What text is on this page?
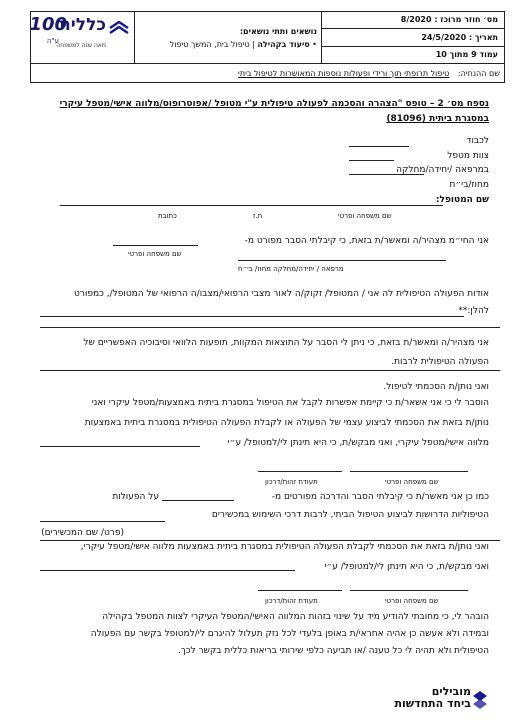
כללית
100
ע"ה
מאה שנה למשפחה

נושאים ותתי נושאים:
• סיעוד בקהילה | טיפול בית, המשך טיפול

מס׳ חוזר מרוכז : 8/2020
תאריך : 24/5/2020
עמוד 9 מתוך 10

שם ההנחיה: טיפול תרופתי תוך ורידי ופעולות נוספות המאושרות לטיפול ביתי
נספח מס׳ 2 – טופס "הצהרה והסכמה לפעולה טיפולית ע"י מטופל /אפוטרופוס/מלווה אישי/מטפל עיקרי
במסגרת ביתית (81096)
לכבוד
צוות מטפל
במרפאה /יחידה/מחלקה
מחוז/בי״ח
שם המטופל:
שם משפחה ופרטי
ת.ז
כתובת
אני החי״מ מצהיר/ה ומאשר/ת בזאת, כי קיבלתי הסבר מפורט מ-
שם משפחה ופרטי
מרפאה / יחידה/מחלקה מחוז/ בי״ח
אודות הפעולה הטיפולית לה אני / המטופל/ זקוק/ה לאור מצבי הרפואי/מצבו/ה הרפואי של המטופל/, כמפורט
להלן:**
אני מצהיר/ה ומאשר/ת בזאת, כי ניתן לי הסבר על התוצאות המקוות, תופעות הלוואי וסיבוכיה האפשריים של
הפעולה הטיפולית לרבות.
ואני נותן/ת הסכמתי לטיפול.
הוסבר לי כי אני אשאר/ת כי קיימת אפשרות לקבל את הטיפול במסגרת ביתית באמצעות/מטפל עיקרי ואני
נותן/ת בזאת את הסכמתי לביצוע עצמי של הפעולה או לקבלת הפעולה הטיפולית במסגרת ביתית באמצעות
מלווה אישי/מטפל עיקרי, ואני מבקש/ת, כי היא תינתן לי/למטופל/ ע״י
שם משפחה ופרטי
תעודת זהות/דרכון
כמו כן אני מאשר/ת כי קיבלתי הסבר והדרכה מפורטים מ-
על הפעולות
הטיפוליות הדרושות לביצוע הטיפול הביתי, לרבות דרכי השימוש במכשירים
(פרט/ שם המכשירים)
ואני נותן/ת בזאת את הסכמתי לקבלת הפעולה הטיפולית במסגרת ביתית באמצעות מלווה אישי/מטפל עיקרי,
ואני מבקש/ת, כי היא תינתן לי/למטופל/ ע״י
שם משפחה ופרטי
תעודת זהות/דרכון
הובהר לי, כי מחובתי להודיע מיד על שינוי בזהות המלווה האישי/המטפל העיקרי לצוות המטפל בקהילה
ובמידה ולא אעשה כן אהיה אחראי/ת באופן בלעדי לכל נזק תעלול להיגרם לי/למטופל בקשר עם הפעולה
הטיפולית ולא תהיה לי כל טענה /או תביעה כלפי שירותי בריאות כללית בקשר לכך.
מובילים
ביחד התחדשות
